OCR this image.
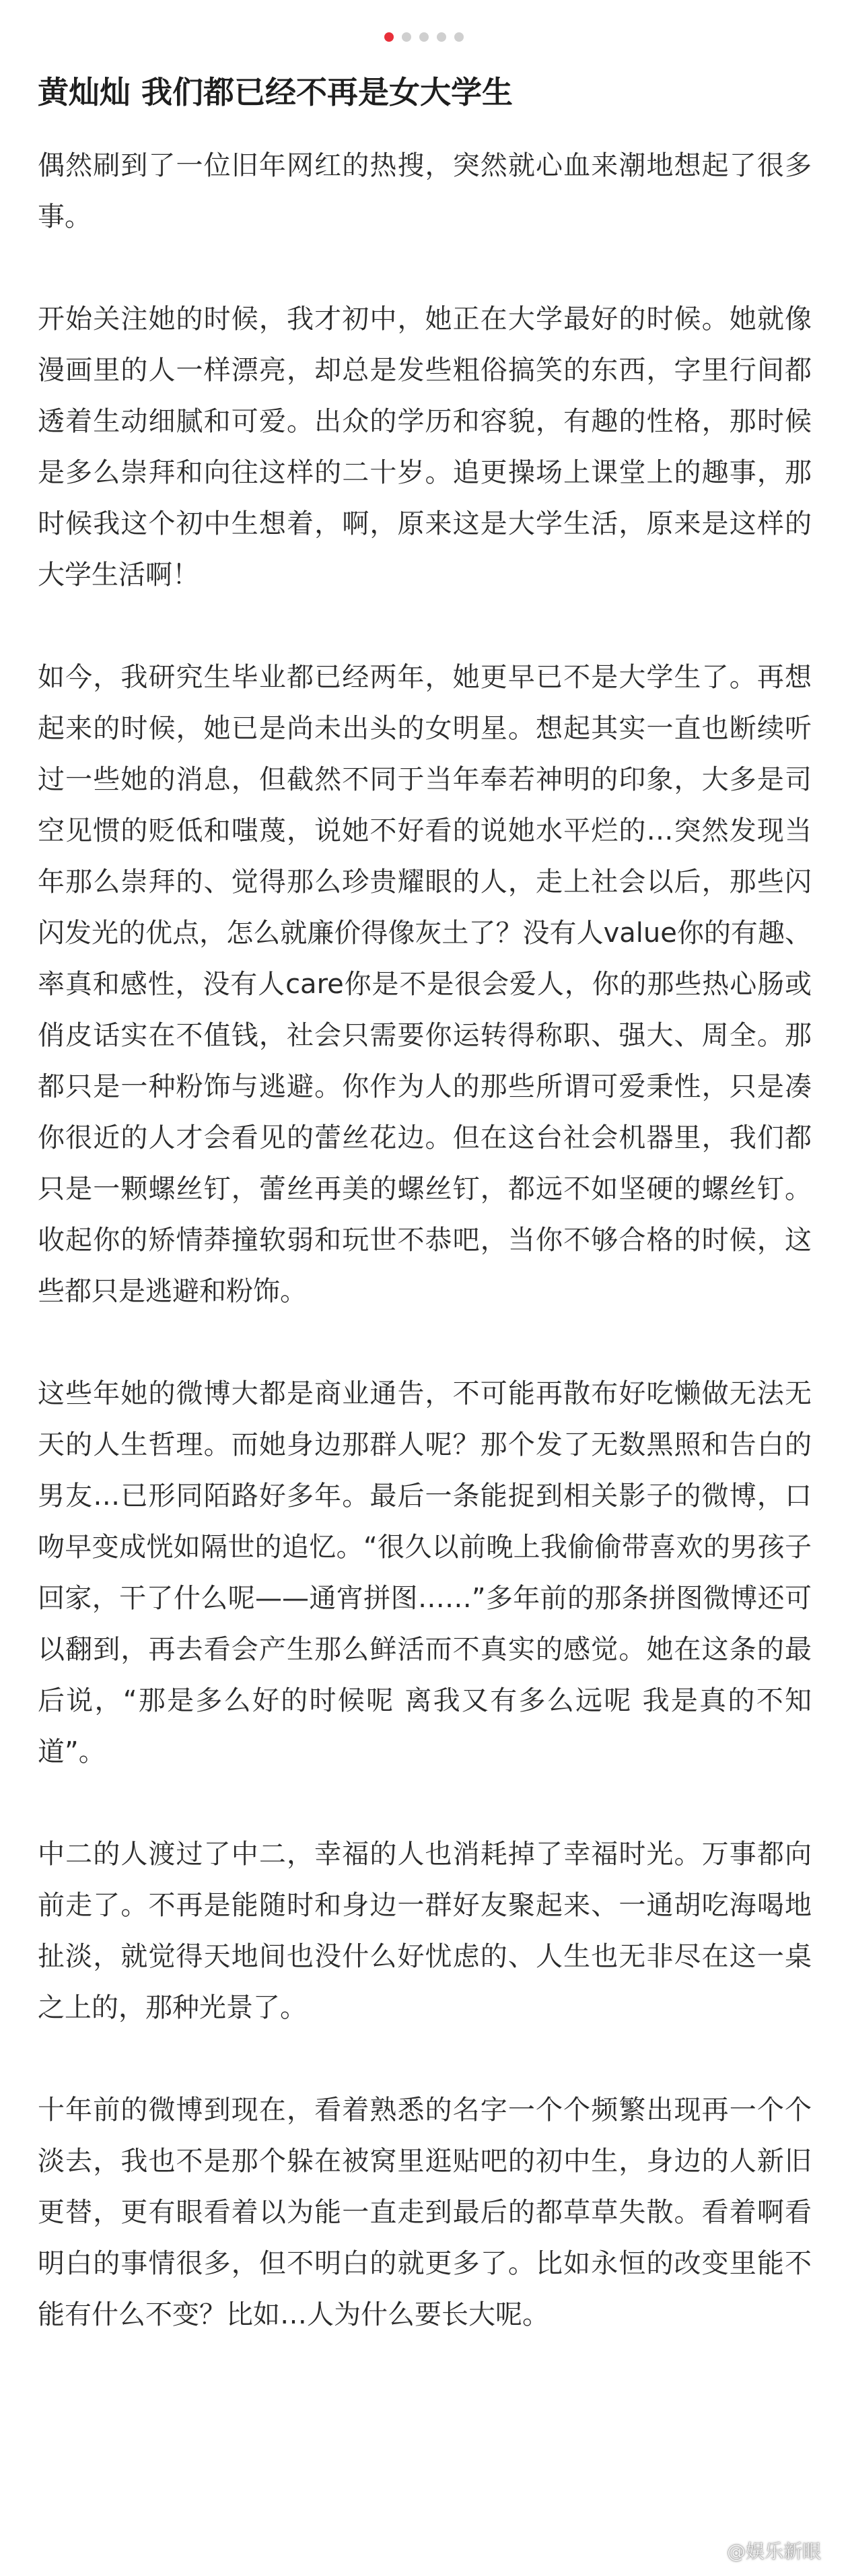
黄灿灿 我们都已经不再是女大学生

偶然刷到了一位旧年网红的热搜，突然就心血来潮地想起了很多事。

开始关注她的时候，我才初中，她正在大学最好的时候。她就像漫画里的人一样漂亮，却总是发些粗俗搞笑的东西，字里行间都透着生动细腻和可爱。出众的学历和容貌，有趣的性格，那时候是多么崇拜和向往这样的二十岁。追更操场上课堂上的趣事，那时候我这个初中生想着，啊，原来这是大学生活，原来是这样的大学生活啊！

如今，我研究生毕业都已经两年，她更早已不是大学生了。再想起来的时候，她已是尚未出头的女明星。想起其实一直也断续听过一些她的消息，但截然不同于当年奉若神明的印象，大多是司空见惯的贬低和嗤蔑，说她不好看的说她水平烂的…突然发现当年那么崇拜的、觉得那么珍贵耀眼的人，走上社会以后，那些闪闪发光的优点，怎么就廉价得像灰土了？没有人value你的有趣、率真和感性，没有人care你是不是很会爱人，你的那些热心肠或俏皮话实在不值钱，社会只需要你运转得称职、强大、周全。那都只是一种粉饰与逃避。你作为人的那些所谓可爱秉性，只是凑你很近的人才会看见的蕾丝花边。但在这台社会机器里，我们都只是一颗螺丝钉，蕾丝再美的螺丝钉，都远不如坚硬的螺丝钉。收起你的矫情莽撞软弱和玩世不恭吧，当你不够合格的时候，这些都只是逃避和粉饰。

这些年她的微博大都是商业通告，不可能再散布好吃懒做无法无天的人生哲理。而她身边那群人呢？那个发了无数黑照和告白的男友…已形同陌路好多年。最后一条能捉到相关影子的微博，口吻早变成恍如隔世的追忆。“很久以前晚上我偷偷带喜欢的男孩子回家，干了什么呢——通宵拼图……”多年前的那条拼图微博还可以翻到，再去看会产生那么鲜活而不真实的感觉。她在这条的最后说，“那是多么好的时候呢 离我又有多么远呢 我是真的不知道”。

中二的人渡过了中二，幸福的人也消耗掉了幸福时光。万事都向前走了。不再是能随时和身边一群好友聚起来、一通胡吃海喝地扯淡，就觉得天地间也没什么好忧虑的、人生也无非尽在这一桌之上的，那种光景了。

十年前的微博到现在，看着熟悉的名字一个个频繁出现再一个个淡去，我也不是那个躲在被窝里逛贴吧的初中生，身边的人新旧更替，更有眼看着以为能一直走到最后的都草草失散。看着啊看明白的事情很多，但不明白的就更多了。比如永恒的改变里能不能有什么不变？比如…人为什么要长大呢。

@娱乐新眼
